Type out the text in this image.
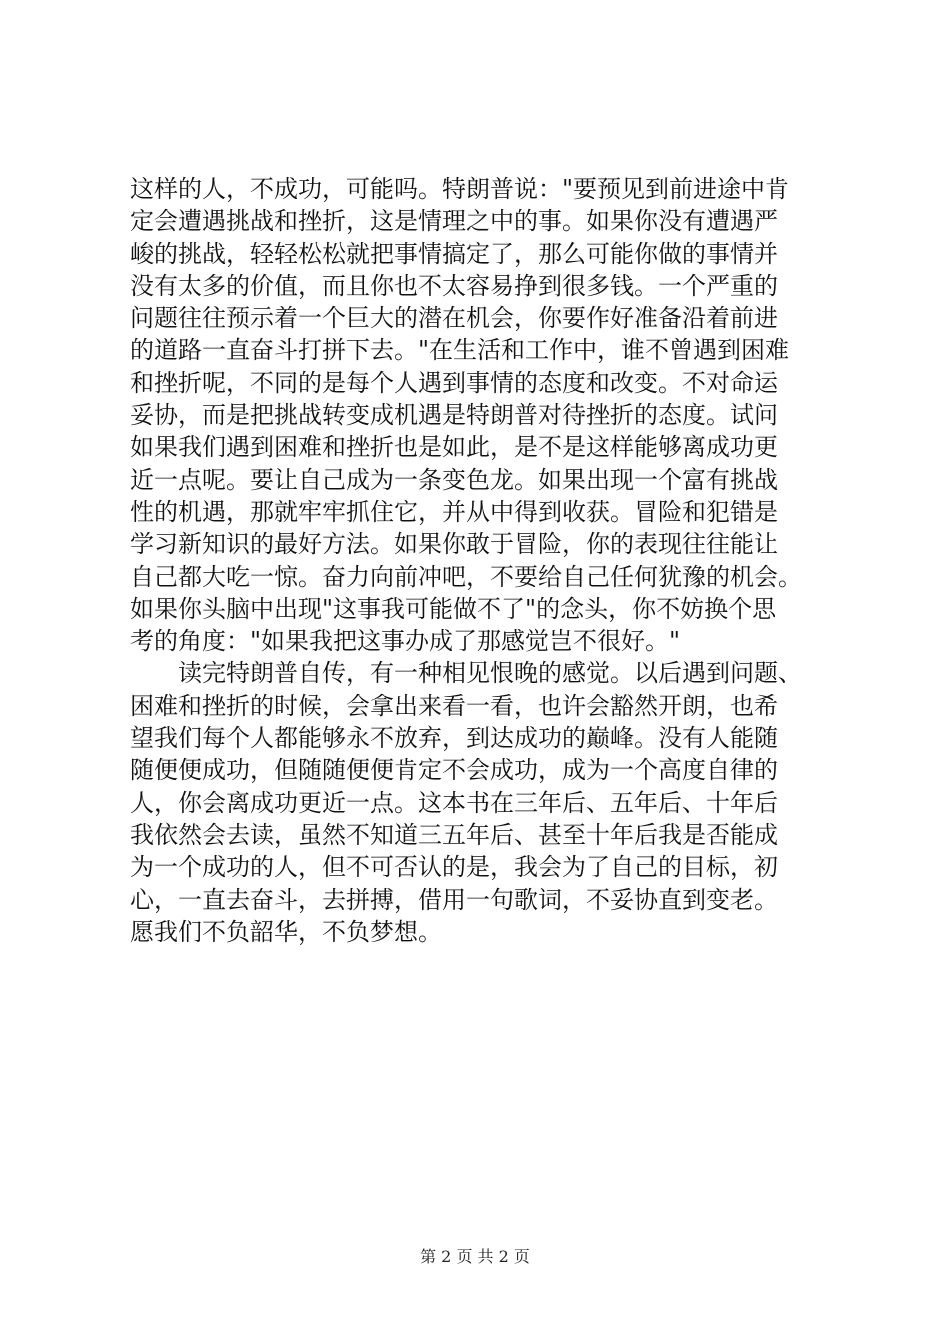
这样的人，不成功，可能吗。特朗普说："要预见到前进途中肯
定会遭遇挑战和挫折，这是情理之中的事。如果你没有遭遇严
峻的挑战，轻轻松松就把事情搞定了，那么可能你做的事情并
没有太多的价值，而且你也不太容易挣到很多钱。一个严重的
问题往往预示着一个巨大的潜在机会，你要作好准备沿着前进
的道路一直奋斗打拼下去。"在生活和工作中，谁不曾遇到困难
和挫折呢，不同的是每个人遇到事情的态度和改变。不对命运
妥协，而是把挑战转变成机遇是特朗普对待挫折的态度。试问
如果我们遇到困难和挫折也是如此，是不是这样能够离成功更
近一点呢。要让自己成为一条变色龙。如果出现一个富有挑战
性的机遇，那就牢牢抓住它，并从中得到收获。冒险和犯错是
学习新知识的最好方法。如果你敢于冒险，你的表现往往能让
自己都大吃一惊。奋力向前冲吧，不要给自己任何犹豫的机会。
如果你头脑中出现"这事我可能做不了"的念头，你不妨换个思
考的角度："如果我把这事办成了那感觉岂不很好。"
　　读完特朗普自传，有一种相见恨晚的感觉。以后遇到问题、
困难和挫折的时候，会拿出来看一看，也许会豁然开朗，也希
望我们每个人都能够永不放弃，到达成功的巅峰。没有人能随
随便便成功，但随随便便肯定不会成功，成为一个高度自律的
人，你会离成功更近一点。这本书在三年后、五年后、十年后
我依然会去读，虽然不知道三五年后、甚至十年后我是否能成
为一个成功的人，但不可否认的是，我会为了自己的目标，初
心，一直去奋斗，去拼搏，借用一句歌词，不妥协直到变老。
愿我们不负韶华，不负梦想。
第 2 页 共 2 页
